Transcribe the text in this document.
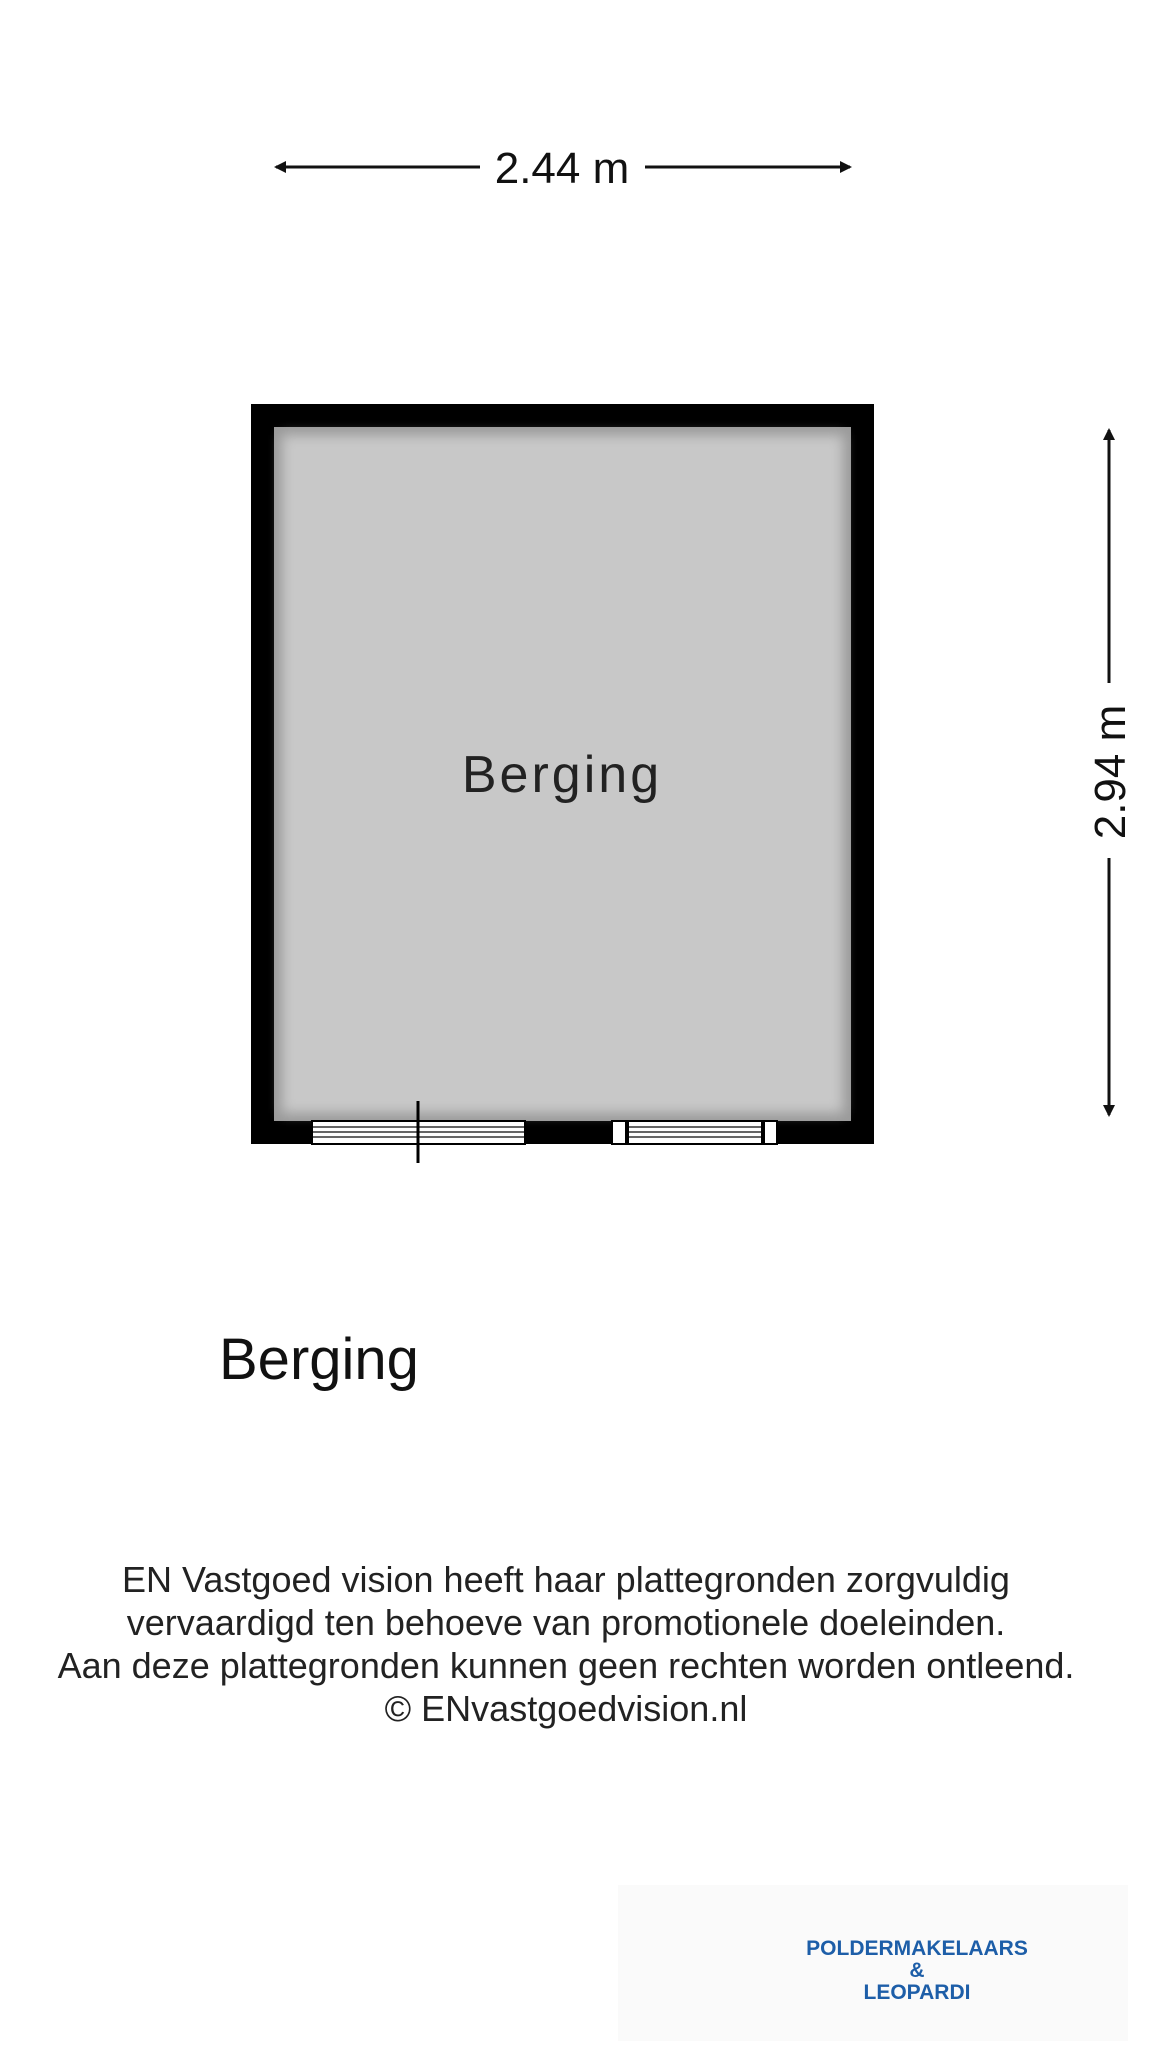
2.44 m
2.94 m
Berging

Berging

EN Vastgoed vision heeft haar plattegronden zorgvuldig
vervaardigd ten behoeve van promotionele doeleinden.
Aan deze plattegronden kunnen geen rechten worden ontleend.
© ENvastgoedvision.nl
POLDERMAKELAARS
&
LEOPARDI
